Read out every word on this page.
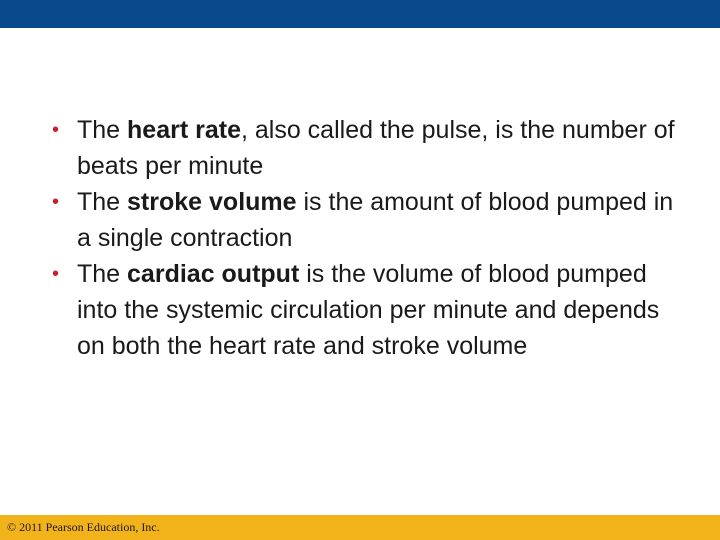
• The heart rate, also called the pulse, is the number of beats per minute
• The stroke volume is the amount of blood pumped in a single contraction
• The cardiac output is the volume of blood pumped into the systemic circulation per minute and depends on both the heart rate and stroke volume
© 2011 Pearson Education, Inc.
